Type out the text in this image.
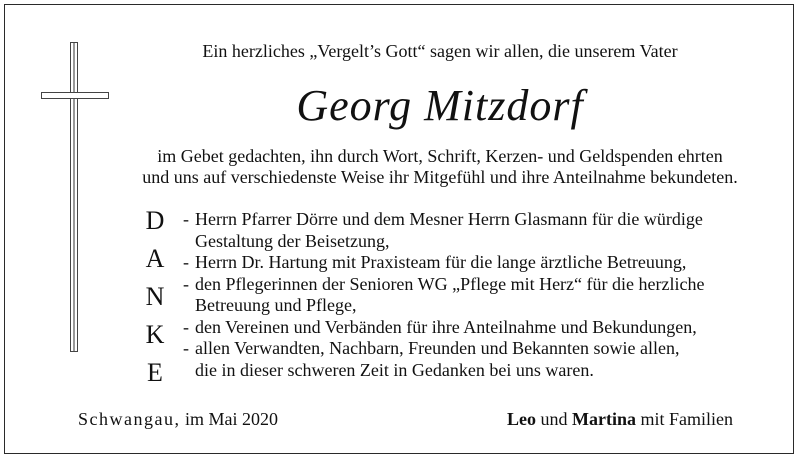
Ein herzliches „Vergelt’s Gott“ sagen wir allen, die unserem Vater
Georg Mitzdorf
im Gebet gedachten, ihn durch Wort, Schrift, Kerzen- und Geldspenden ehrten
und uns auf verschiedenste Weise ihr Mitgefühl und ihre Anteilnahme bekundeten.
D
A
N
K
E
- Herrn Pfarrer Dörre und dem Mesner Herrn Glasmann für die würdige
Gestaltung der Beisetzung,
- Herrn Dr. Hartung mit Praxisteam für die lange ärztliche Betreuung,
- den Pflegerinnen der Senioren WG „Pflege mit Herz“ für die herzliche
Betreuung und Pflege,
- den Vereinen und Verbänden für ihre Anteilnahme und Bekundungen,
- allen Verwandten, Nachbarn, Freunden und Bekannten sowie allen,
die in dieser schweren Zeit in Gedanken bei uns waren.
Schwangau, im Mai 2020	Leo und Martina mit Familien
